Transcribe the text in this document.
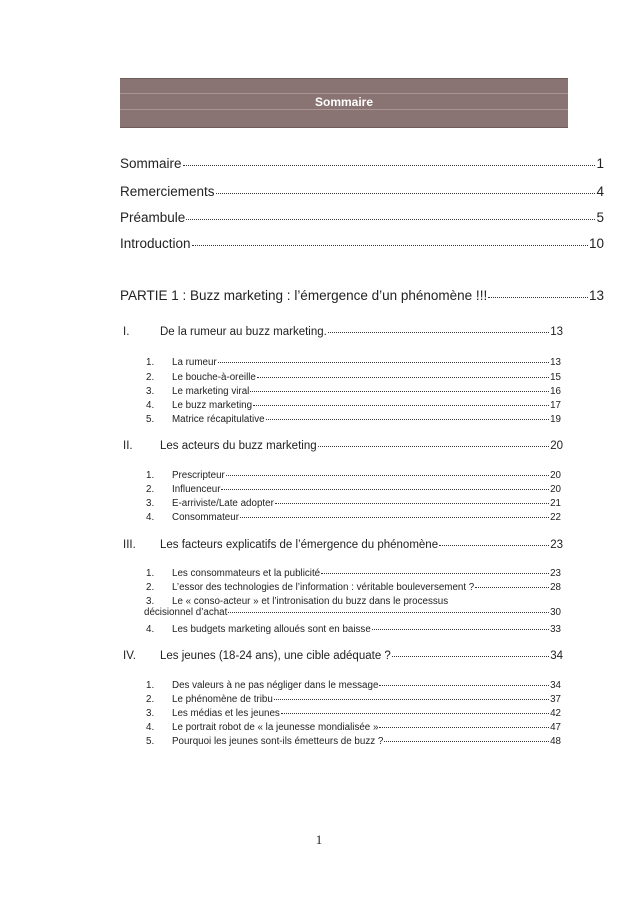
Sommaire
Sommaire	1
Remerciements	4
Préambule	5
Introduction	10
PARTIE 1 : Buzz marketing : l’émergence d’un phénomène !!!	13
I.	De la rumeur au buzz marketing.	13
1. La rumeur	13
2. Le bouche-à-oreille	15
3. Le marketing viral	16
4. Le buzz marketing	17
5. Matrice récapitulative	19
II. Les acteurs du buzz marketing	20
1. Prescripteur	20
2. Influenceur	20
3. E-arriviste/Late adopter	21
4. Consommateur	22
III. Les facteurs explicatifs de l’émergence du phénomène	23
1. Les consommateurs et la publicité	23
2. L’essor des technologies de l’information : véritable bouleversement ?	28
3. Le « conso-acteur » et l’intronisation du buzz dans le processus
décisionnel d’achat	30
4. Les budgets marketing alloués sont en baisse	33
IV. Les jeunes (18-24 ans), une cible adéquate ?	34
1. Des valeurs à ne pas négliger dans le message	34
2. Le phénomène de tribu	37
3. Les médias et les jeunes	42
4. Le portrait robot de « la jeunesse mondialisée »	47
5. Pourquoi les jeunes sont-ils émetteurs de buzz ?	48
1
